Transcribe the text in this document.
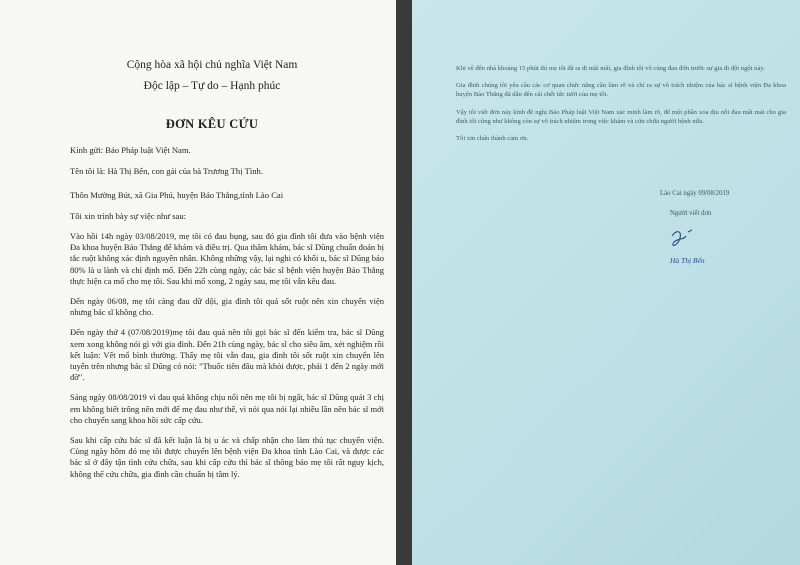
Cộng hòa xã hội chủ nghĩa Việt Nam
Độc lập – Tự do – Hạnh phúc
ĐƠN KÊU CỨU
Kính gửi: Báo Pháp luật Việt Nam.
Tên tôi là: Hà Thị Bến, con gái của bà Trương Thị Tình.
Thôn Mường Bút, xã Gia Phú, huyện Bảo Thắng,tỉnh Lào Cai
Tôi xin trình bày sự việc như sau:
Vào hồi 14h ngày 03/08/2019, mẹ tôi có đau bụng, sau đó gia đình tôi đưa vào bệnh viện Đa khoa huyện Bảo Thắng để khám và điều trị. Qua thăm khám, bác sĩ Dũng chuẩn đoán bị tắc ruột không xác định nguyên nhân. Không những vậy, lại nghi có khối u, bác sĩ Dũng bảo 80% là u lành và chỉ định mổ. Đến 22h cùng ngày, các bác sĩ bệnh viện huyện Bảo Thắng thực hiện ca mổ cho mẹ tôi. Sau khi mổ xong, 2 ngày sau, mẹ tôi vẫn kêu đau.
Đến ngày 06/08, mẹ tôi càng đau dữ dội, gia đình tôi quá sốt ruột nên xin chuyển viện nhưng bác sĩ không cho.
Đến ngày thứ 4 (07/08/2019)mẹ tôi đau quá nên tôi gọi bác sĩ đến kiểm tra, bác sĩ Dũng xem xong không nói gì với gia đình. Đến 21h cùng ngày, bác sĩ cho siêu âm, xét nghiệm rồi kết luận: Vết mổ bình thường. Thấy mẹ tôi vẫn đau, gia đình tôi sốt ruột xin chuyển lên tuyến trên nhưng bác sĩ Dũng có nói: "Thuốc tiên đâu mà khỏi được, phải 1 đến 2 ngày mới đỡ".
Sáng ngày 08/08/2019 vì đau quá không chịu nổi nên mẹ tôi bị ngất, bác sĩ Dũng quát 3 chị em không biết trông nên mới để mẹ đau như thế, vì nói qua nói lại nhiều lần nên bác sĩ mới cho chuyển sang khoa hồi sức cấp cứu.
Sau khi cấp cứu bác sĩ đã kết luận là bị u ác và chấp nhận cho làm thủ tục chuyển viện. Cùng ngày hôm đó mẹ tôi được chuyển lên bệnh viện Đa khoa tỉnh Lào Cai, và được các bác sĩ ở đây tận tình cứu chữa, sau khi cấp cứu thì bác sĩ thông báo mẹ tôi rất nguy kịch, không thể cứu chữa, gia đình cần chuẩn bị tâm lý.
Khi về đến nhà khoảng 15 phút thì mẹ tôi đã ra đi mãi mãi, gia đình tôi vô cùng đau đớn trước sự gia đi đột ngột này.
Gia đình chúng tôi yêu cầu các cơ quan chức năng cần làm rõ và chỉ ra sự vô trách nhiệm của bác sĩ bệnh viện Đa khoa huyện Bảo Thắng đã dẫn đến cái chết tức tưởi của mẹ tôi.
Vậy tôi viết đơn này kính đề nghị Báo Pháp luật Việt Nam xác minh làm rõ, để một phần xoa dịu nỗi đau mất mát cho gia đình tôi cũng như không còn sự vô trách nhiệm trong việc khám và cứu chữa người bệnh nữa.
Tôi xin chân thành cảm ơn.
Lào Cai ngày 09/08/2019
Người viết đơn
Hà Thị Bến
